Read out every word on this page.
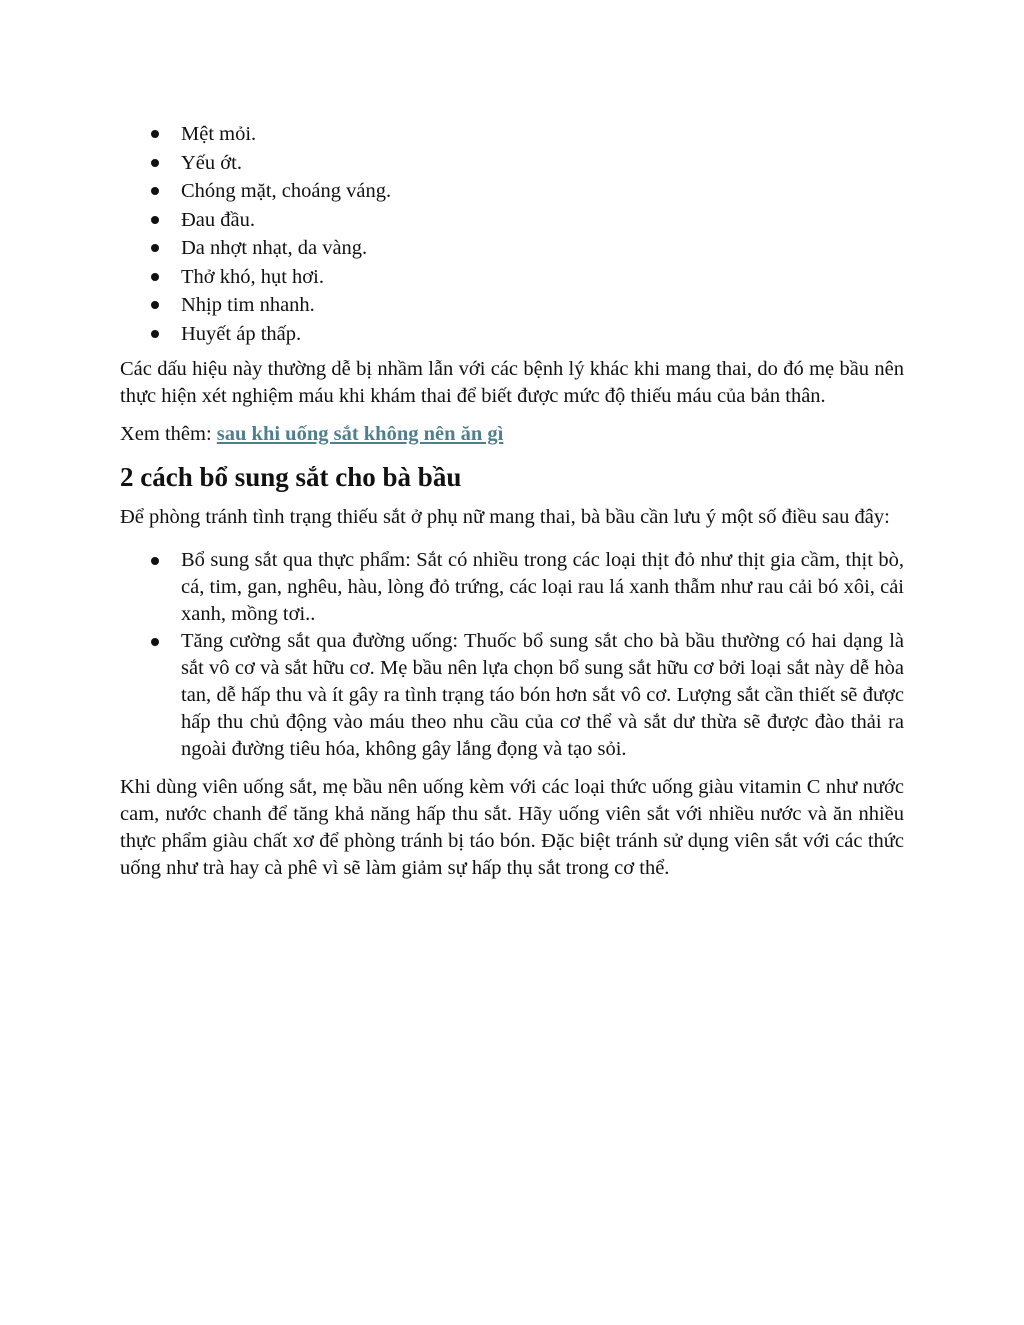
Mệt mỏi.
Yếu ớt.
Chóng mặt, choáng váng.
Đau đầu.
Da nhợt nhạt, da vàng.
Thở khó, hụt hơi.
Nhịp tim nhanh.
Huyết áp thấp.

Các dấu hiệu này thường dễ bị nhầm lẫn với các bệnh lý khác khi mang thai, do đó mẹ bầu nên thực hiện xét nghiệm máu khi khám thai để biết được mức độ thiếu máu của bản thân.

Xem thêm: sau khi uống sắt không nên ăn gì

2 cách bổ sung sắt cho bà bầu

Để phòng tránh tình trạng thiếu sắt ở phụ nữ mang thai, bà bầu cần lưu ý một số điều sau đây:

Bổ sung sắt qua thực phẩm: Sắt có nhiều trong các loại thịt đỏ như thịt gia cầm, thịt bò, cá, tim, gan, nghêu, hàu, lòng đỏ trứng, các loại rau lá xanh thẫm như rau cải bó xôi, cải xanh, mồng tơi..
Tăng cường sắt qua đường uống: Thuốc bổ sung sắt cho bà bầu thường có hai dạng là sắt vô cơ và sắt hữu cơ. Mẹ bầu nên lựa chọn bổ sung sắt hữu cơ bởi loại sắt này dễ hòa tan, dễ hấp thu và ít gây ra tình trạng táo bón hơn sắt vô cơ. Lượng sắt cần thiết sẽ được hấp thu chủ động vào máu theo nhu cầu của cơ thể và sắt dư thừa sẽ được đào thải ra ngoài đường tiêu hóa, không gây lắng đọng và tạo sỏi.

Khi dùng viên uống sắt, mẹ bầu nên uống kèm với các loại thức uống giàu vitamin C như nước cam, nước chanh để tăng khả năng hấp thu sắt. Hãy uống viên sắt với nhiều nước và ăn nhiều thực phẩm giàu chất xơ để phòng tránh bị táo bón. Đặc biệt tránh sử dụng viên sắt với các thức uống như trà hay cà phê vì sẽ làm giảm sự hấp thụ sắt trong cơ thể.
